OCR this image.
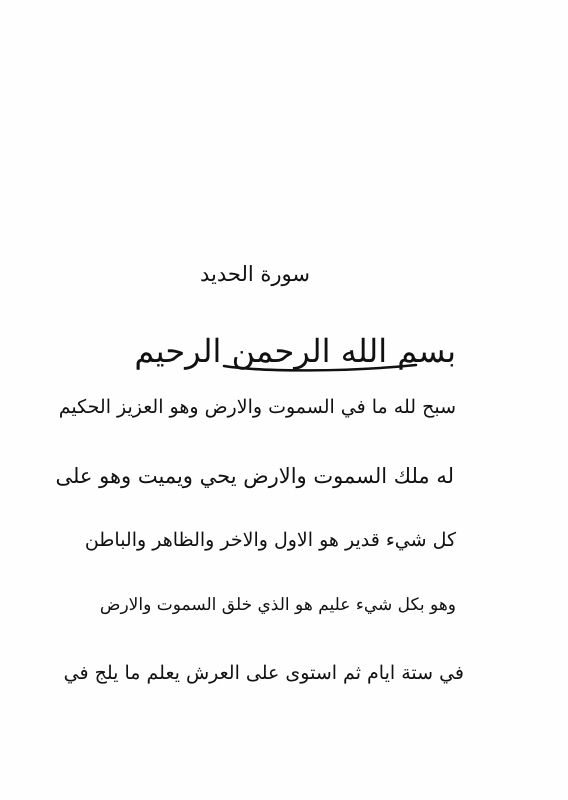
سورة الحديد
بسم الله الرحمن الرحيم
سبح لله ما في السموت والارض وهو العزيز الحكيم
له ملك السموت والارض يحي ويميت وهو على
كل شيء قدير هو الاول والاخر والظاهر والباطن
وهو بكل شيء عليم هو الذي خلق السموت والارض
في ستة ايام ثم استوى على العرش يعلم ما يلج في
